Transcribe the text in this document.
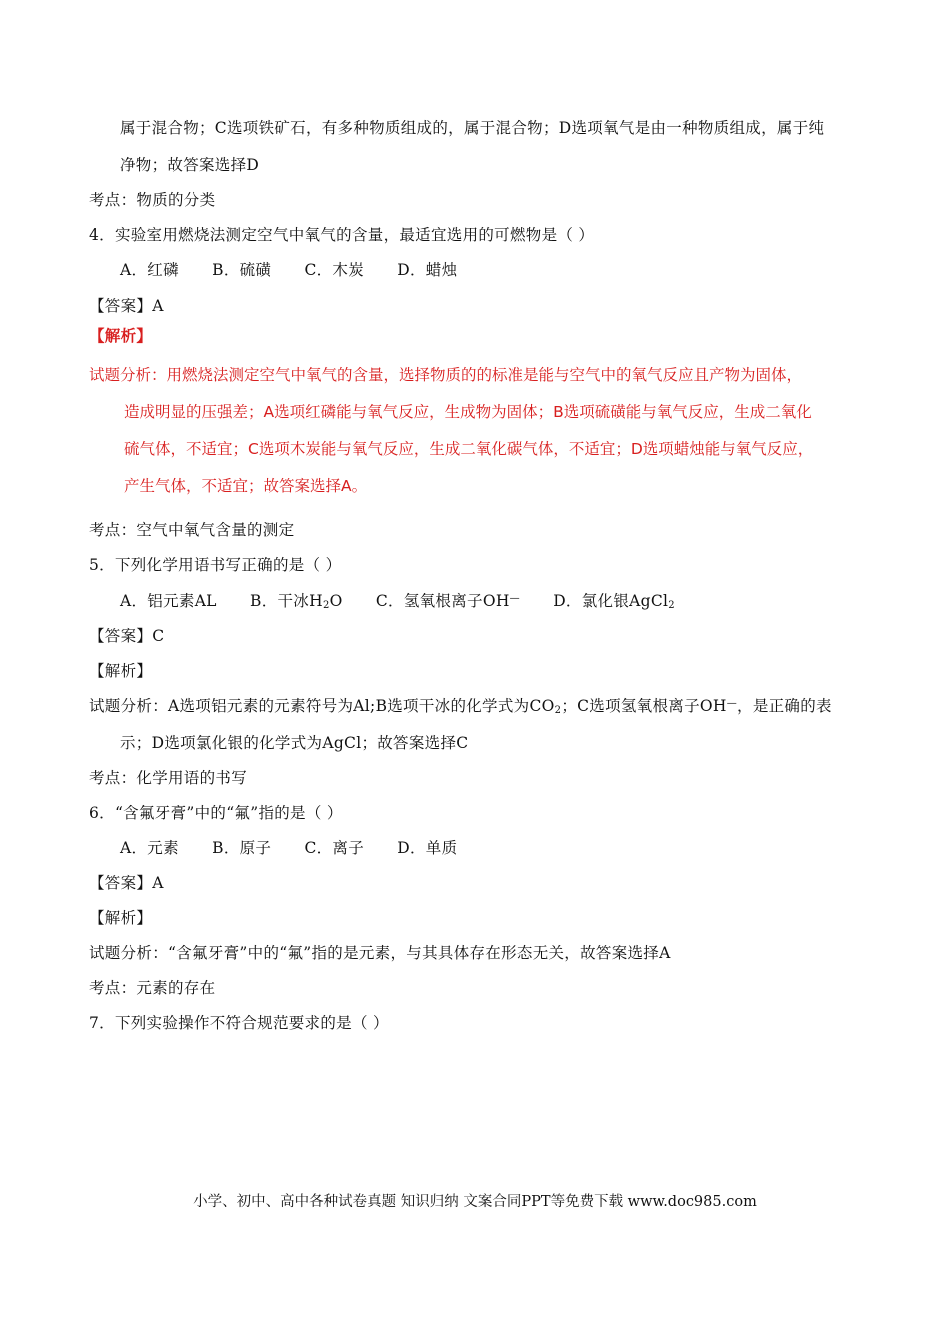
属于混合物；C选项铁矿石，有多种物质组成的，属于混合物；D选项氧气是由一种物质组成，属于纯
净物；故答案选择D
考点：物质的分类
4．实验室用燃烧法测定空气中氧气的含量，最适宜选用的可燃物是（ ）
A．红磷 B．硫磺 C．木炭 D．蜡烛
【答案】A
【解析】
试题分析：用燃烧法测定空气中氧气的含量，选择物质的的标准是能与空气中的氧气反应且产物为固体，
造成明显的压强差；A选项红磷能与氧气反应，生成物为固体；B选项硫磺能与氧气反应，生成二氧化
硫气体，不适宜；C选项木炭能与氧气反应，生成二氧化碳气体，不适宜；D选项蜡烛能与氧气反应，
产生气体，不适宜；故答案选择A。
考点：空气中氧气含量的测定
5．下列化学用语书写正确的是（ ）
A．铝元素AL B．干冰$H_2O$ C．氢氧根离子OH— D．氯化银AgCl$_2$
【答案】C
【解析】
试题分析：A选项铝元素的元素符号为Al;B选项干冰的化学式为$CO_2$；C选项氢氧根离子OH—，是正确的表
示；D选项氯化银的化学式为AgCl；故答案选择C
考点：化学用语的书写
6．“含氟牙膏”中的“氟”指的是（ ）
A．元素 B．原子 C．离子 D．单质
【答案】A
【解析】
试题分析：“含氟牙膏”中的“氟”指的是元素，与其具体存在形态无关，故答案选择A
考点：元素的存在
7．下列实验操作不符合规范要求的是（ ）
小学、初中、高中各种试卷真题 知识归纳 文案合同PPT等免费下载 www.doc985.com
